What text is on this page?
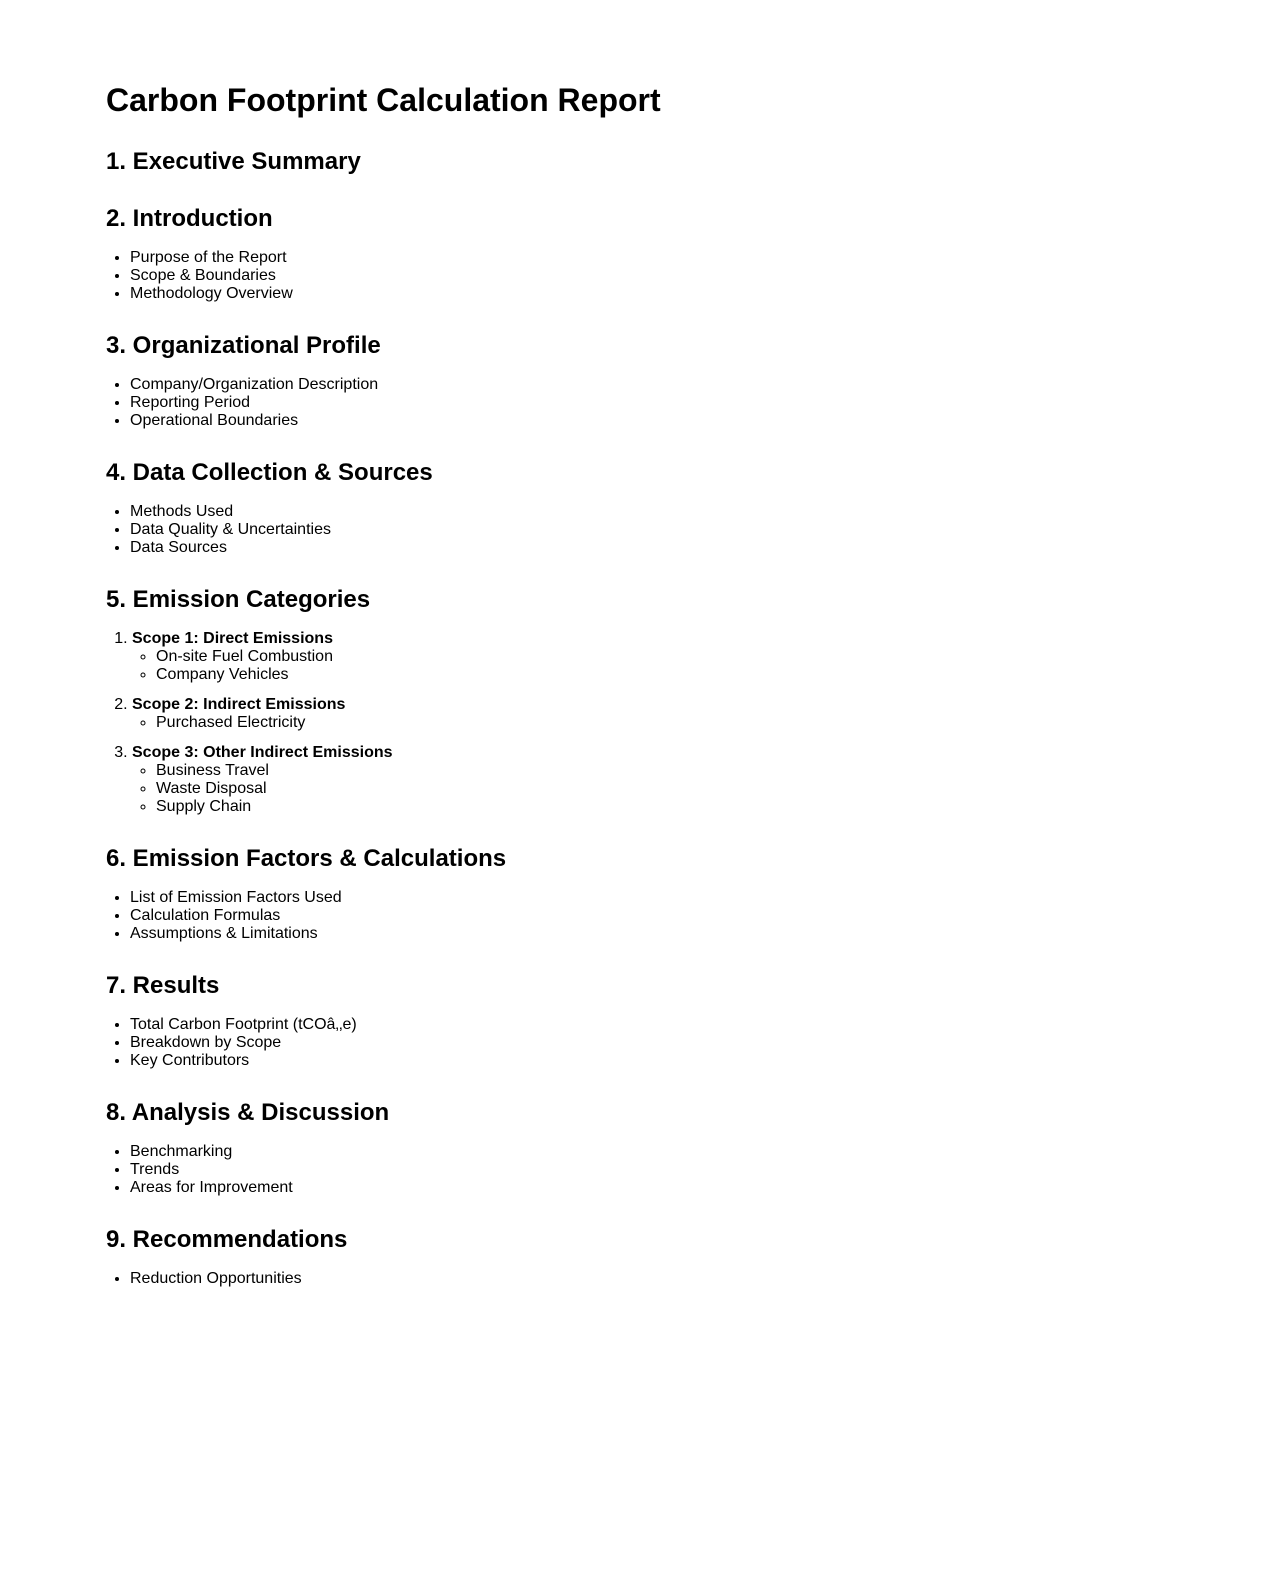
Carbon Footprint Calculation Report
1. Executive Summary
2. Introduction
• Purpose of the Report
• Scope & Boundaries
• Methodology Overview
3. Organizational Profile
• Company/Organization Description
• Reporting Period
• Operational Boundaries
4. Data Collection & Sources
• Methods Used
• Data Quality & Uncertainties
• Data Sources
5. Emission Categories
1. Scope 1: Direct Emissions
◦ On-site Fuel Combustion
◦ Company Vehicles
2. Scope 2: Indirect Emissions
◦ Purchased Electricity
3. Scope 3: Other Indirect Emissions
◦ Business Travel
◦ Waste Disposal
◦ Supply Chain
6. Emission Factors & Calculations
• List of Emission Factors Used
• Calculation Formulas
• Assumptions & Limitations
7. Results
• Total Carbon Footprint (tCOâ‚‚e)
• Breakdown by Scope
• Key Contributors
8. Analysis & Discussion
• Benchmarking
• Trends
• Areas for Improvement
9. Recommendations
• Reduction Opportunities
